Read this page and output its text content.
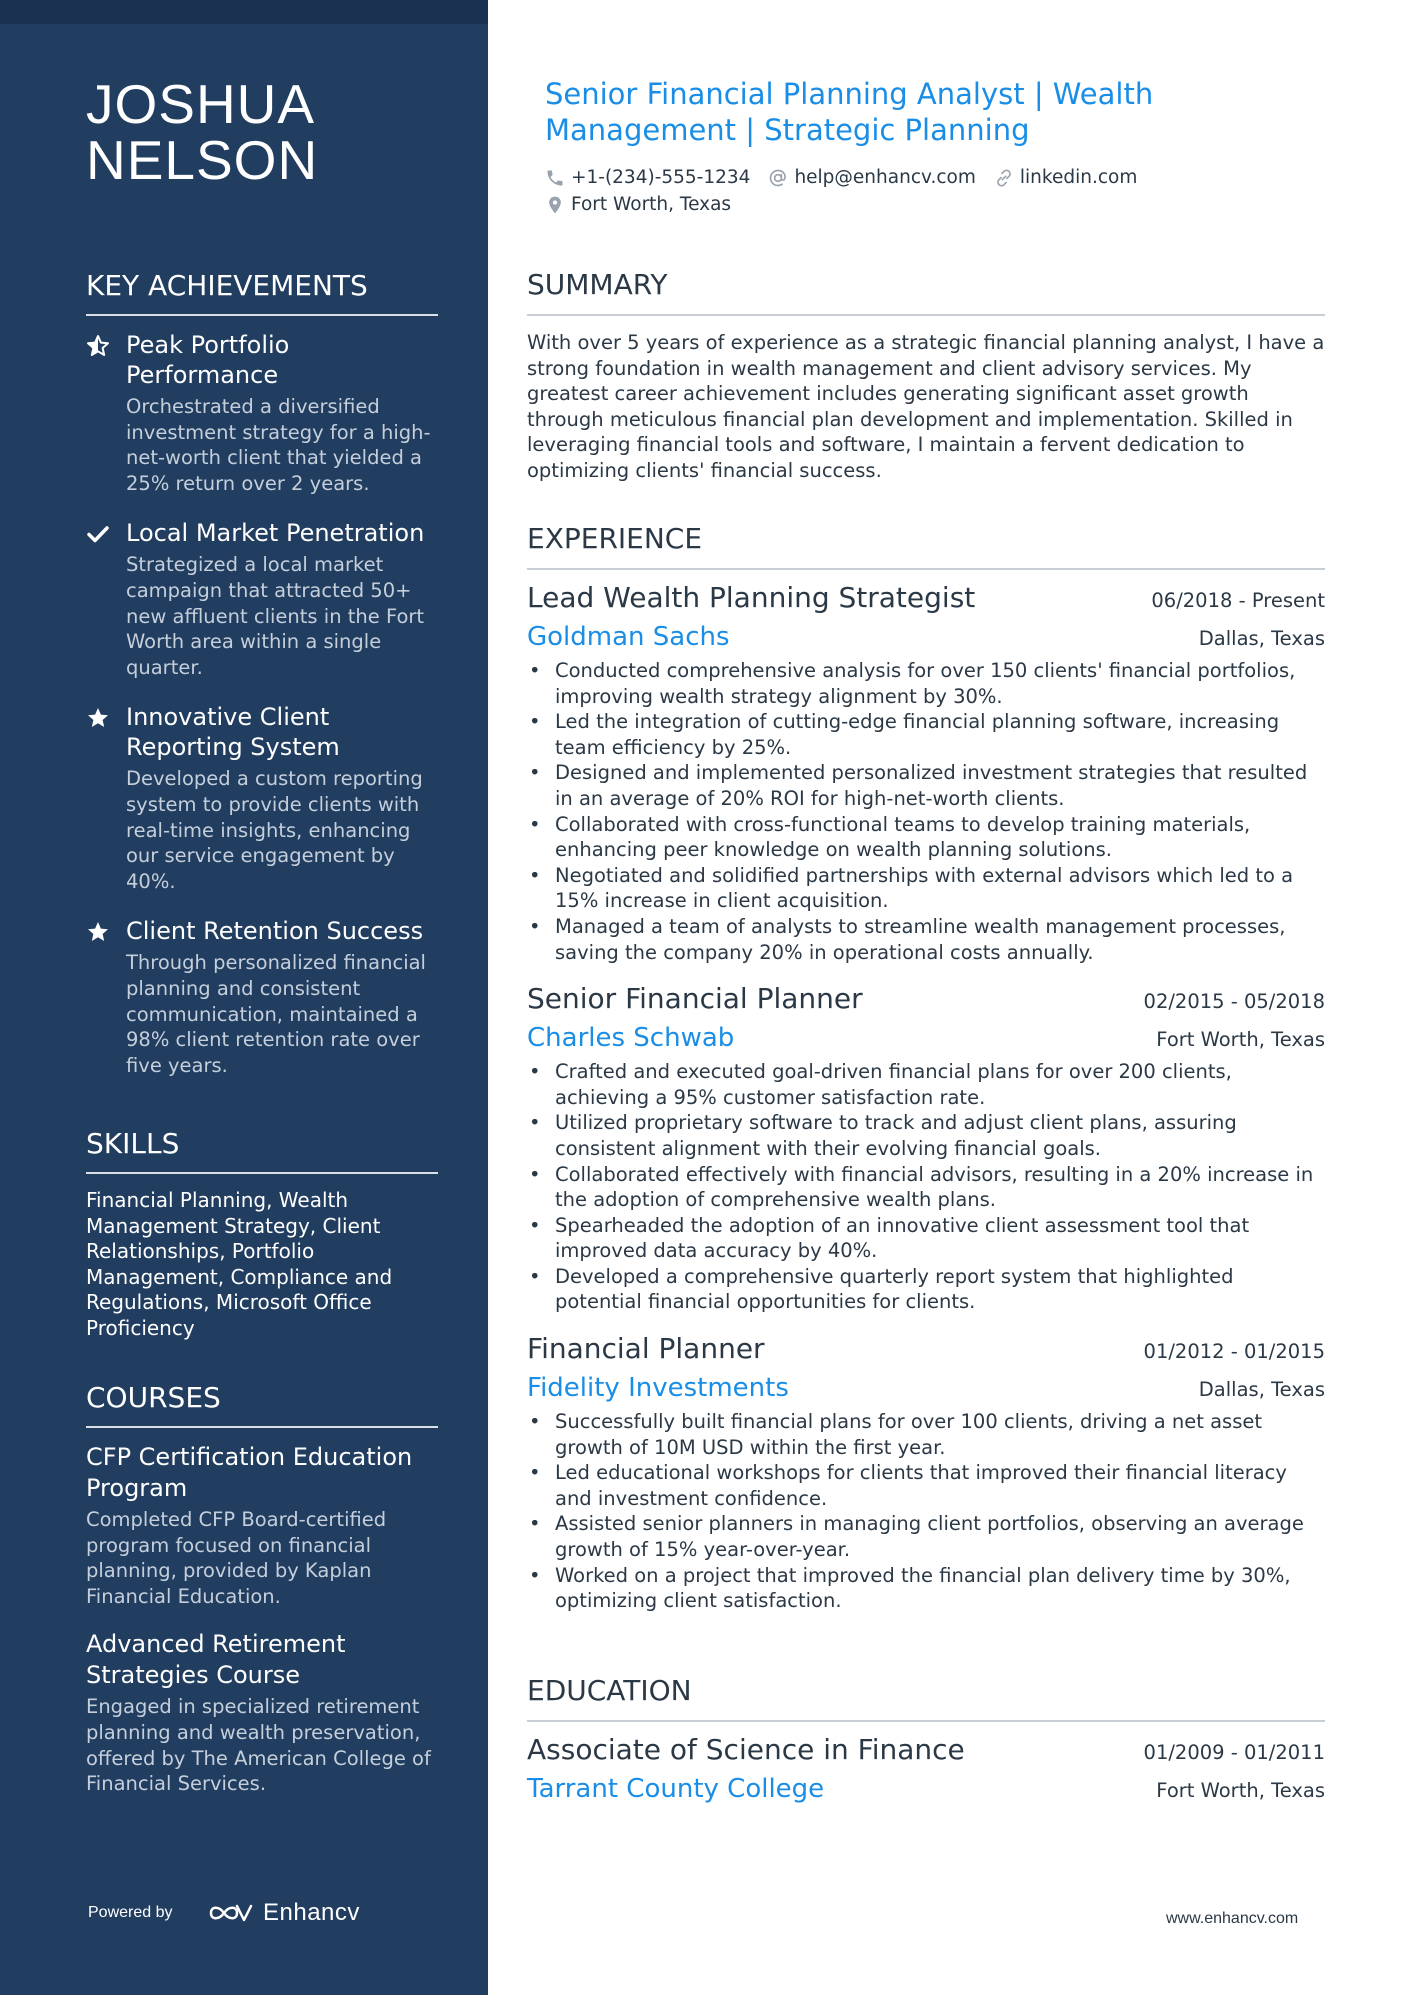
JOSHUA
NELSON
KEY ACHIEVEMENTS
Peak Portfolio Performance
Orchestrated a diversified investment strategy for a high-net-worth client that yielded a 25% return over 2 years.
Local Market Penetration
Strategized a local market campaign that attracted 50+ new affluent clients in the Fort Worth area within a single quarter.
Innovative Client Reporting System
Developed a custom reporting system to provide clients with real-time insights, enhancing our service engagement by 40%.
Client Retention Success
Through personalized financial planning and consistent communication, maintained a 98% client retention rate over five years.
SKILLS
Financial Planning, Wealth Management Strategy, Client Relationships, Portfolio Management, Compliance and Regulations, Microsoft Office Proficiency
COURSES
CFP Certification Education Program
Completed CFP Board-certified program focused on financial planning, provided by Kaplan Financial Education.
Advanced Retirement Strategies Course
Engaged in specialized retirement planning and wealth preservation, offered by The American College of Financial Services.
Powered by	Enhancv
Senior Financial Planning Analyst | Wealth Management | Strategic Planning
+1-(234)-555-1234 help@enhancv.com linkedin.com
Fort Worth, Texas
SUMMARY
With over 5 years of experience as a strategic financial planning analyst, I have a strong foundation in wealth management and client advisory services. My greatest career achievement includes generating significant asset growth through meticulous financial plan development and implementation. Skilled in leveraging financial tools and software, I maintain a fervent dedication to optimizing clients' financial success.
EXPERIENCE
Lead Wealth Planning Strategist	06/2018 - Present
Goldman Sachs	Dallas, Texas
• Conducted comprehensive analysis for over 150 clients' financial portfolios, improving wealth strategy alignment by 30%.
• Led the integration of cutting-edge financial planning software, increasing team efficiency by 25%.
• Designed and implemented personalized investment strategies that resulted in an average of 20% ROI for high-net-worth clients.
• Collaborated with cross-functional teams to develop training materials, enhancing peer knowledge on wealth planning solutions.
• Negotiated and solidified partnerships with external advisors which led to a 15% increase in client acquisition.
• Managed a team of analysts to streamline wealth management processes, saving the company 20% in operational costs annually.
Senior Financial Planner	02/2015 - 05/2018
Charles Schwab	Fort Worth, Texas
• Crafted and executed goal-driven financial plans for over 200 clients, achieving a 95% customer satisfaction rate.
• Utilized proprietary software to track and adjust client plans, assuring consistent alignment with their evolving financial goals.
• Collaborated effectively with financial advisors, resulting in a 20% increase in the adoption of comprehensive wealth plans.
• Spearheaded the adoption of an innovative client assessment tool that improved data accuracy by 40%.
• Developed a comprehensive quarterly report system that highlighted potential financial opportunities for clients.
Financial Planner	01/2012 - 01/2015
Fidelity Investments	Dallas, Texas
• Successfully built financial plans for over 100 clients, driving a net asset growth of 10M USD within the first year.
• Led educational workshops for clients that improved their financial literacy and investment confidence.
• Assisted senior planners in managing client portfolios, observing an average growth of 15% year-over-year.
• Worked on a project that improved the financial plan delivery time by 30%, optimizing client satisfaction.
EDUCATION
Associate of Science in Finance	01/2009 - 01/2011
Tarrant County College	Fort Worth, Texas
www.enhancv.com
